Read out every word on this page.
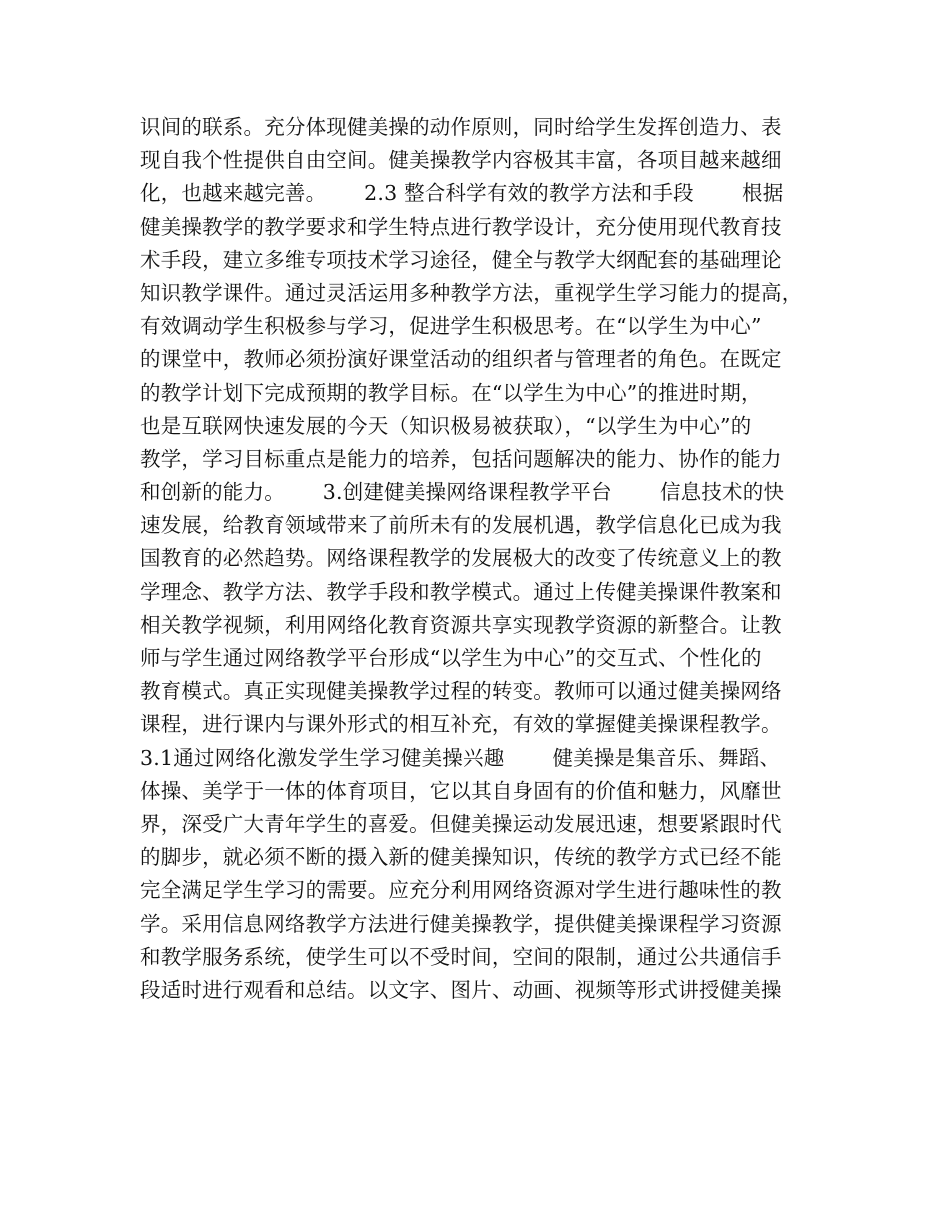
识间的联系。充分体现健美操的动作原则，同时给学生发挥创造力、表
现自我个性提供自由空间。健美操教学内容极其丰富，各项目越来越细
化，也越来越完善。　　 2.3 整合科学有效的教学方法和手段　　 根据
健美操教学的教学要求和学生特点进行教学设计，充分使用现代教育技
术手段，建立多维专项技术学习途径，健全与教学大纲配套的基础理论
知识教学课件。通过灵活运用多种教学方法，重视学生学习能力的提高，
有效调动学生积极参与学习，促进学生积极思考。在“以学生为中心”
的课堂中，教师必须扮演好课堂活动的组织者与管理者的角色。在既定
的教学计划下完成预期的教学目标。在“以学生为中心”的推进时期，
也是互联网快速发展的今天（知识极易被获取），“以学生为中心”的
教学，学习目标重点是能力的培养，包括问题解决的能力、协作的能力
和创新的能力。　　 3.创建健美操网络课程教学平台　　 信息技术的快
速发展，给教育领域带来了前所未有的发展机遇，教学信息化已成为我
国教育的必然趋势。网络课程教学的发展极大的改变了传统意义上的教
学理念、教学方法、教学手段和教学模式。通过上传健美操课件教案和
相关教学视频，利用网络化教育资源共享实现教学资源的新整合。让教
师与学生通过网络教学平台形成“以学生为中心”的交互式、个性化的
教育模式。真正实现健美操教学过程的转变。教师可以通过健美操网络
课程，进行课内与课外形式的相互补充，有效的掌握健美操课程教学。
3.1通过网络化激发学生学习健美操兴趣　　 健美操是集音乐、舞蹈、
体操、美学于一体的体育项目，它以其自身固有的价值和魅力，风靡世
界，深受广大青年学生的喜爱。但健美操运动发展迅速，想要紧跟时代
的脚步，就必须不断的摄入新的健美操知识，传统的教学方式已经不能
完全满足学生学习的需要。应充分利用网络资源对学生进行趣味性的教
学。采用信息网络教学方法进行健美操教学，提供健美操课程学习资源
和教学服务系统，使学生可以不受时间，空间的限制，通过公共通信手
段适时进行观看和总结。以文字、图片、动画、视频等形式讲授健美操
